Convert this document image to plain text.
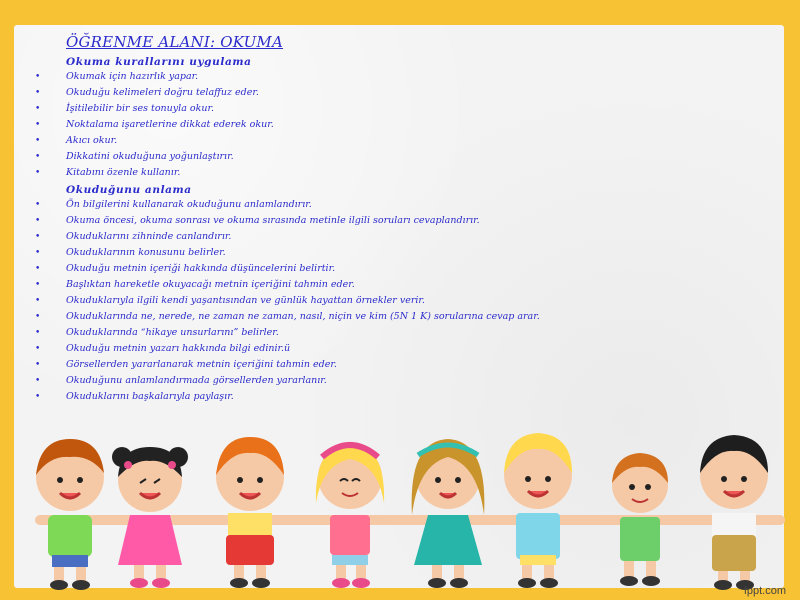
ÖĞRENME ALANI: OKUMA
Okuma kurallarını uygulama
•	Okumak için hazırlık yapar.
•	Okuduğu kelimeleri doğru telaffuz eder.
•	İşitilebilir bir ses tonuyla okur.
•	Noktalama işaretlerine dikkat ederek okur.
•	Akıcı okur.
•	Dikkatini okuduğuna yoğunlaştırır.
•	Kitabını özenle kullanır.
Okuduğunu anlama
•	Ön bilgilerini kullanarak okuduğunu anlamlandırır.
•	Okuma öncesi, okuma sonrası ve okuma sırasında metinle ilgili soruları cevaplandırır.
•	Okuduklarını zihninde canlandırır.
•	Okuduklarının konusunu belirler.
•	Okuduğu metnin içeriği hakkında düşüncelerini belirtir.
•	Başlıktan hareketle okuyacağı metnin içeriğini tahmin eder.
•	Okuduklarıyla ilgili kendi yaşantısından ve günlük hayattan örnekler verir.
•	Okuduklarında ne, nerede, ne zaman ne zaman, nasıl, niçin ve kim (5N 1 K) sorularına cevap arar.
•	Okuduklarında “hikaye unsurlarını” belirler.
•	Okuduğu metnin yazarı hakkında bilgi edinir.ü
•	Görsellerden yararlanarak metnin içeriğini tahmin eder.
•	Okuduğunu anlamlandırmada görsellerden yararlanır.
•	Okuduklarını başkalarıyla paylaşır.
fppt.com
